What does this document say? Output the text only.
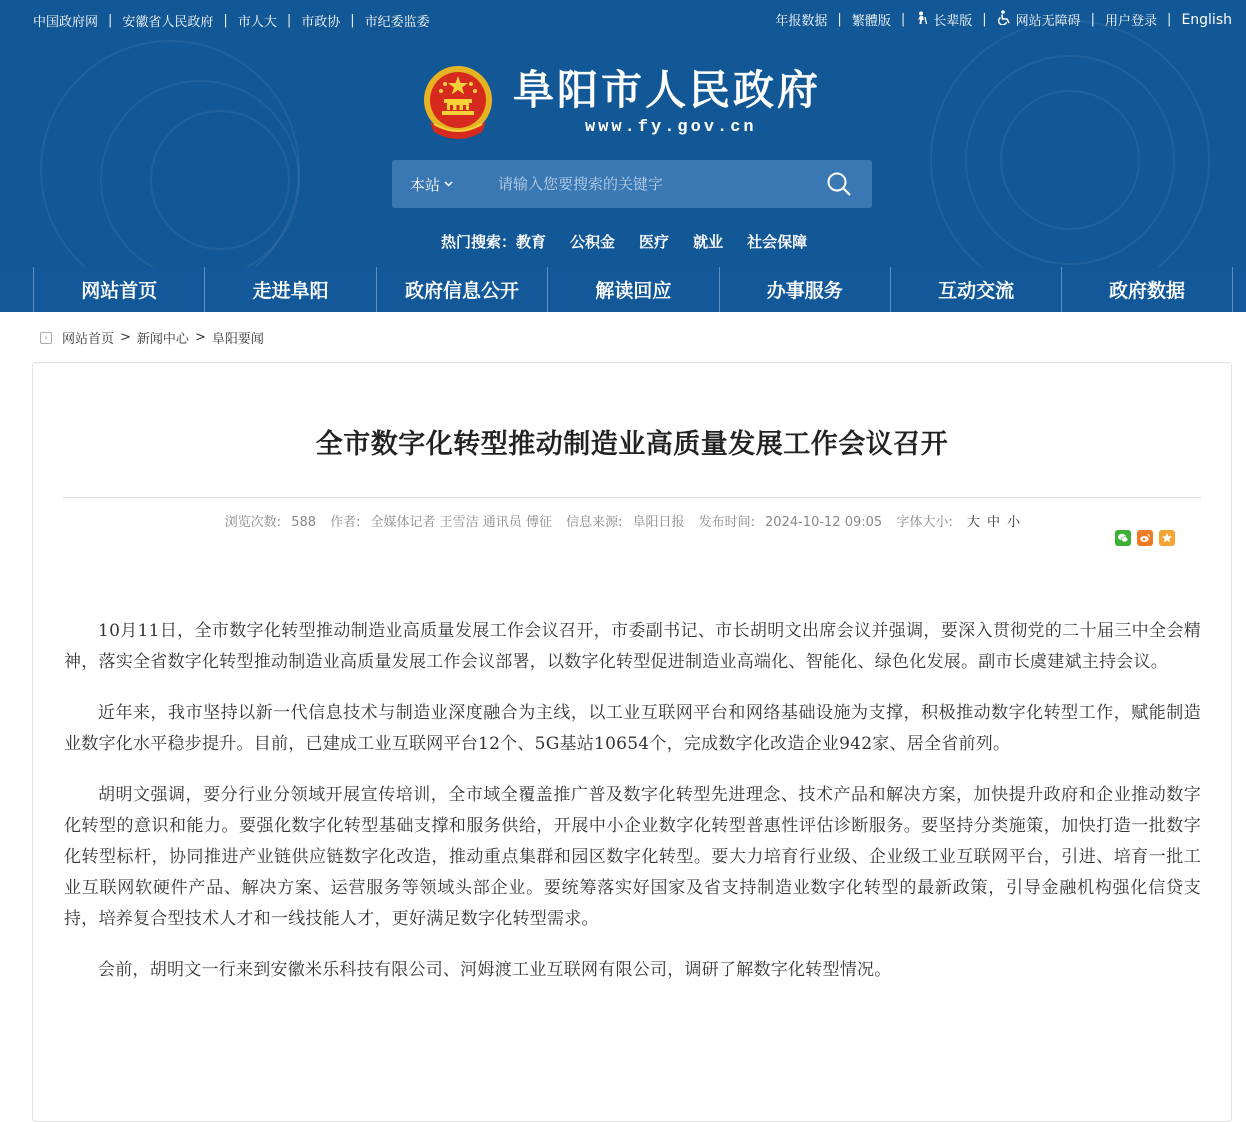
中国政府网 | 安徽省人民政府 | 市人大 | 市政协 | 市纪委监委	年报数据 | 繁體版 |	长辈版 |	网站无障碍 | 用户登录 | English
阜阳市人民政府
www.fy.gov.cn
本站
请输入您要搜索的关键字
热门搜索： 教育 公积金 医疗 就业 社会保障
网站首页	走进阜阳	政府信息公开	解读回应	办事服务	互动交流	政府数据
›	网站首页 > 新闻中心 > 阜阳要闻
全市数字化转型推动制造业高质量发展工作会议召开
浏览次数: 588 作者: 全媒体记者 王雪洁 通讯员 傅征 信息来源: 阜阳日报 发布时间: 2024-10-12 09:05 字体大小: 大 中 小

10月11日，全市数字化转型推动制造业高质量发展工作会议召开，市委副书记、市长胡明文出席会议并强调，要深入贯彻党的二十届三中全会精神，落实全省数字化转型推动制造业高质量发展工作会议部署，以数字化转型促进制造业高端化、智能化、绿色化发展。副市长虞建斌主持会议。

近年来，我市坚持以新一代信息技术与制造业深度融合为主线，以工业互联网平台和网络基础设施为支撑，积极推动数字化转型工作，赋能制造业数字化水平稳步提升。目前，已建成工业互联网平台12个、5G基站10654个，完成数字化改造企业942家、居全省前列。

胡明文强调，要分行业分领域开展宣传培训，全市域全覆盖推广普及数字化转型先进理念、技术产品和解决方案，加快提升政府和企业推动数字化转型的意识和能力。要强化数字化转型基础支撑和服务供给，开展中小企业数字化转型普惠性评估诊断服务。要坚持分类施策，加快打造一批数字化转型标杆，协同推进产业链供应链数字化改造，推动重点集群和园区数字化转型。要大力培育行业级、企业级工业互联网平台，引进、培育一批工业互联网软硬件产品、解决方案、运营服务等领域头部企业。要统筹落实好国家及省支持制造业数字化转型的最新政策，引导金融机构强化信贷支持，培养复合型技术人才和一线技能人才，更好满足数字化转型需求。

会前，胡明文一行来到安徽米乐科技有限公司、河姆渡工业互联网有限公司，调研了解数字化转型情况。
